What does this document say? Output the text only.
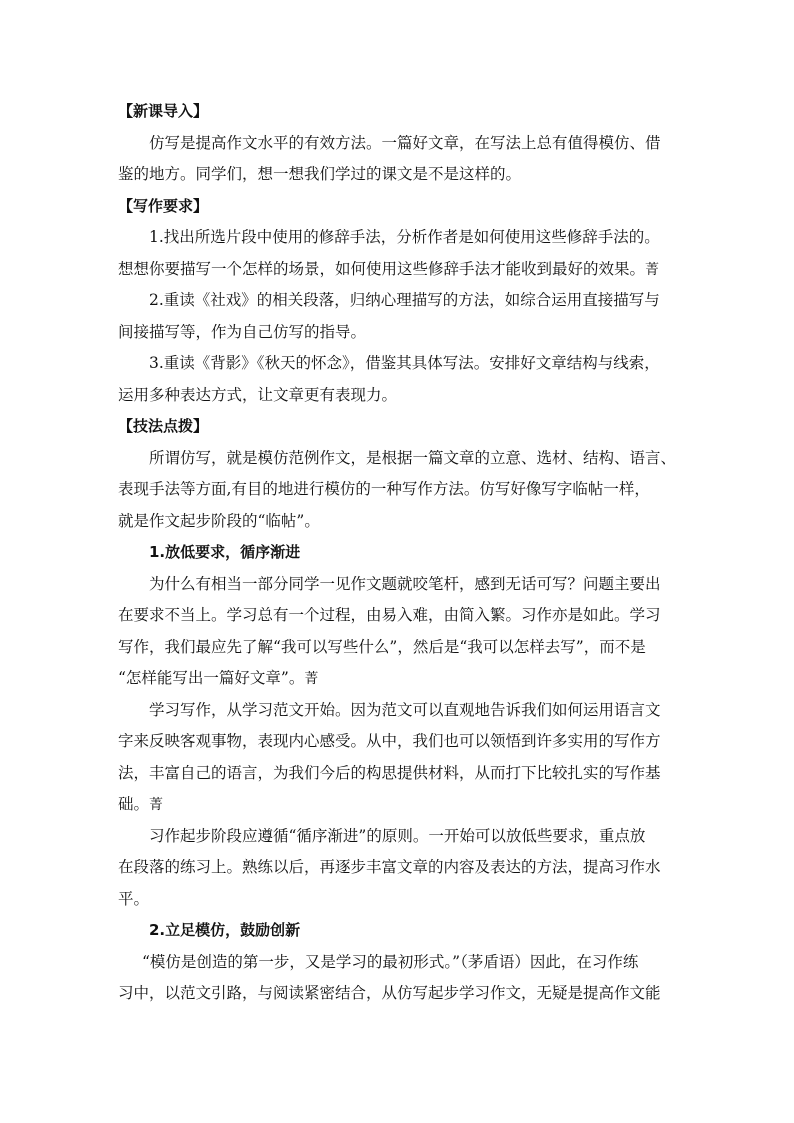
【新课导入】
仿写是提高作文水平的有效方法。一篇好文章，在写法上总有值得模仿、借
鉴的地方。同学们，想一想我们学过的课文是不是这样的。
【写作要求】
1.找出所选片段中使用的修辞手法，分析作者是如何使用这些修辞手法的。
想想你要描写一个怎样的场景，如何使用这些修辞手法才能收到最好的效果。菁
2.重读《社戏》的相关段落，归纳心理描写的方法，如综合运用直接描写与
间接描写等，作为自己仿写的指导。
3.重读《背影》《秋天的怀念》，借鉴其具体写法。安排好文章结构与线索，
运用多种表达方式，让文章更有表现力。
【技法点拨】
所谓仿写，就是模仿范例作文，是根据一篇文章的立意、选材、结构、语言、
表现手法等方面,有目的地进行模仿的一种写作方法。仿写好像写字临帖一样，
就是作文起步阶段的“临帖”。
1.放低要求，循序渐进
为什么有相当一部分同学一见作文题就咬笔杆，感到无话可写？问题主要出
在要求不当上。学习总有一个过程，由易入难，由简入繁。习作亦是如此。学习
写作，我们最应先了解“我可以写些什么”，然后是“我可以怎样去写”，而不是
“怎样能写出一篇好文章”。菁
学习写作，从学习范文开始。因为范文可以直观地告诉我们如何运用语言文
字来反映客观事物，表现内心感受。从中，我们也可以领悟到许多实用的写作方
法，丰富自己的语言，为我们今后的构思提供材料，从而打下比较扎实的写作基
础。菁
习作起步阶段应遵循“循序渐进”的原则。一开始可以放低些要求，重点放
在段落的练习上。熟练以后，再逐步丰富文章的内容及表达的方法，提高习作水
平。
2.立足模仿，鼓励创新
“模仿是创造的第一步，又是学习的最初形式。”（茅盾语）因此，在习作练
习中，以范文引路，与阅读紧密结合，从仿写起步学习作文，无疑是提高作文能
